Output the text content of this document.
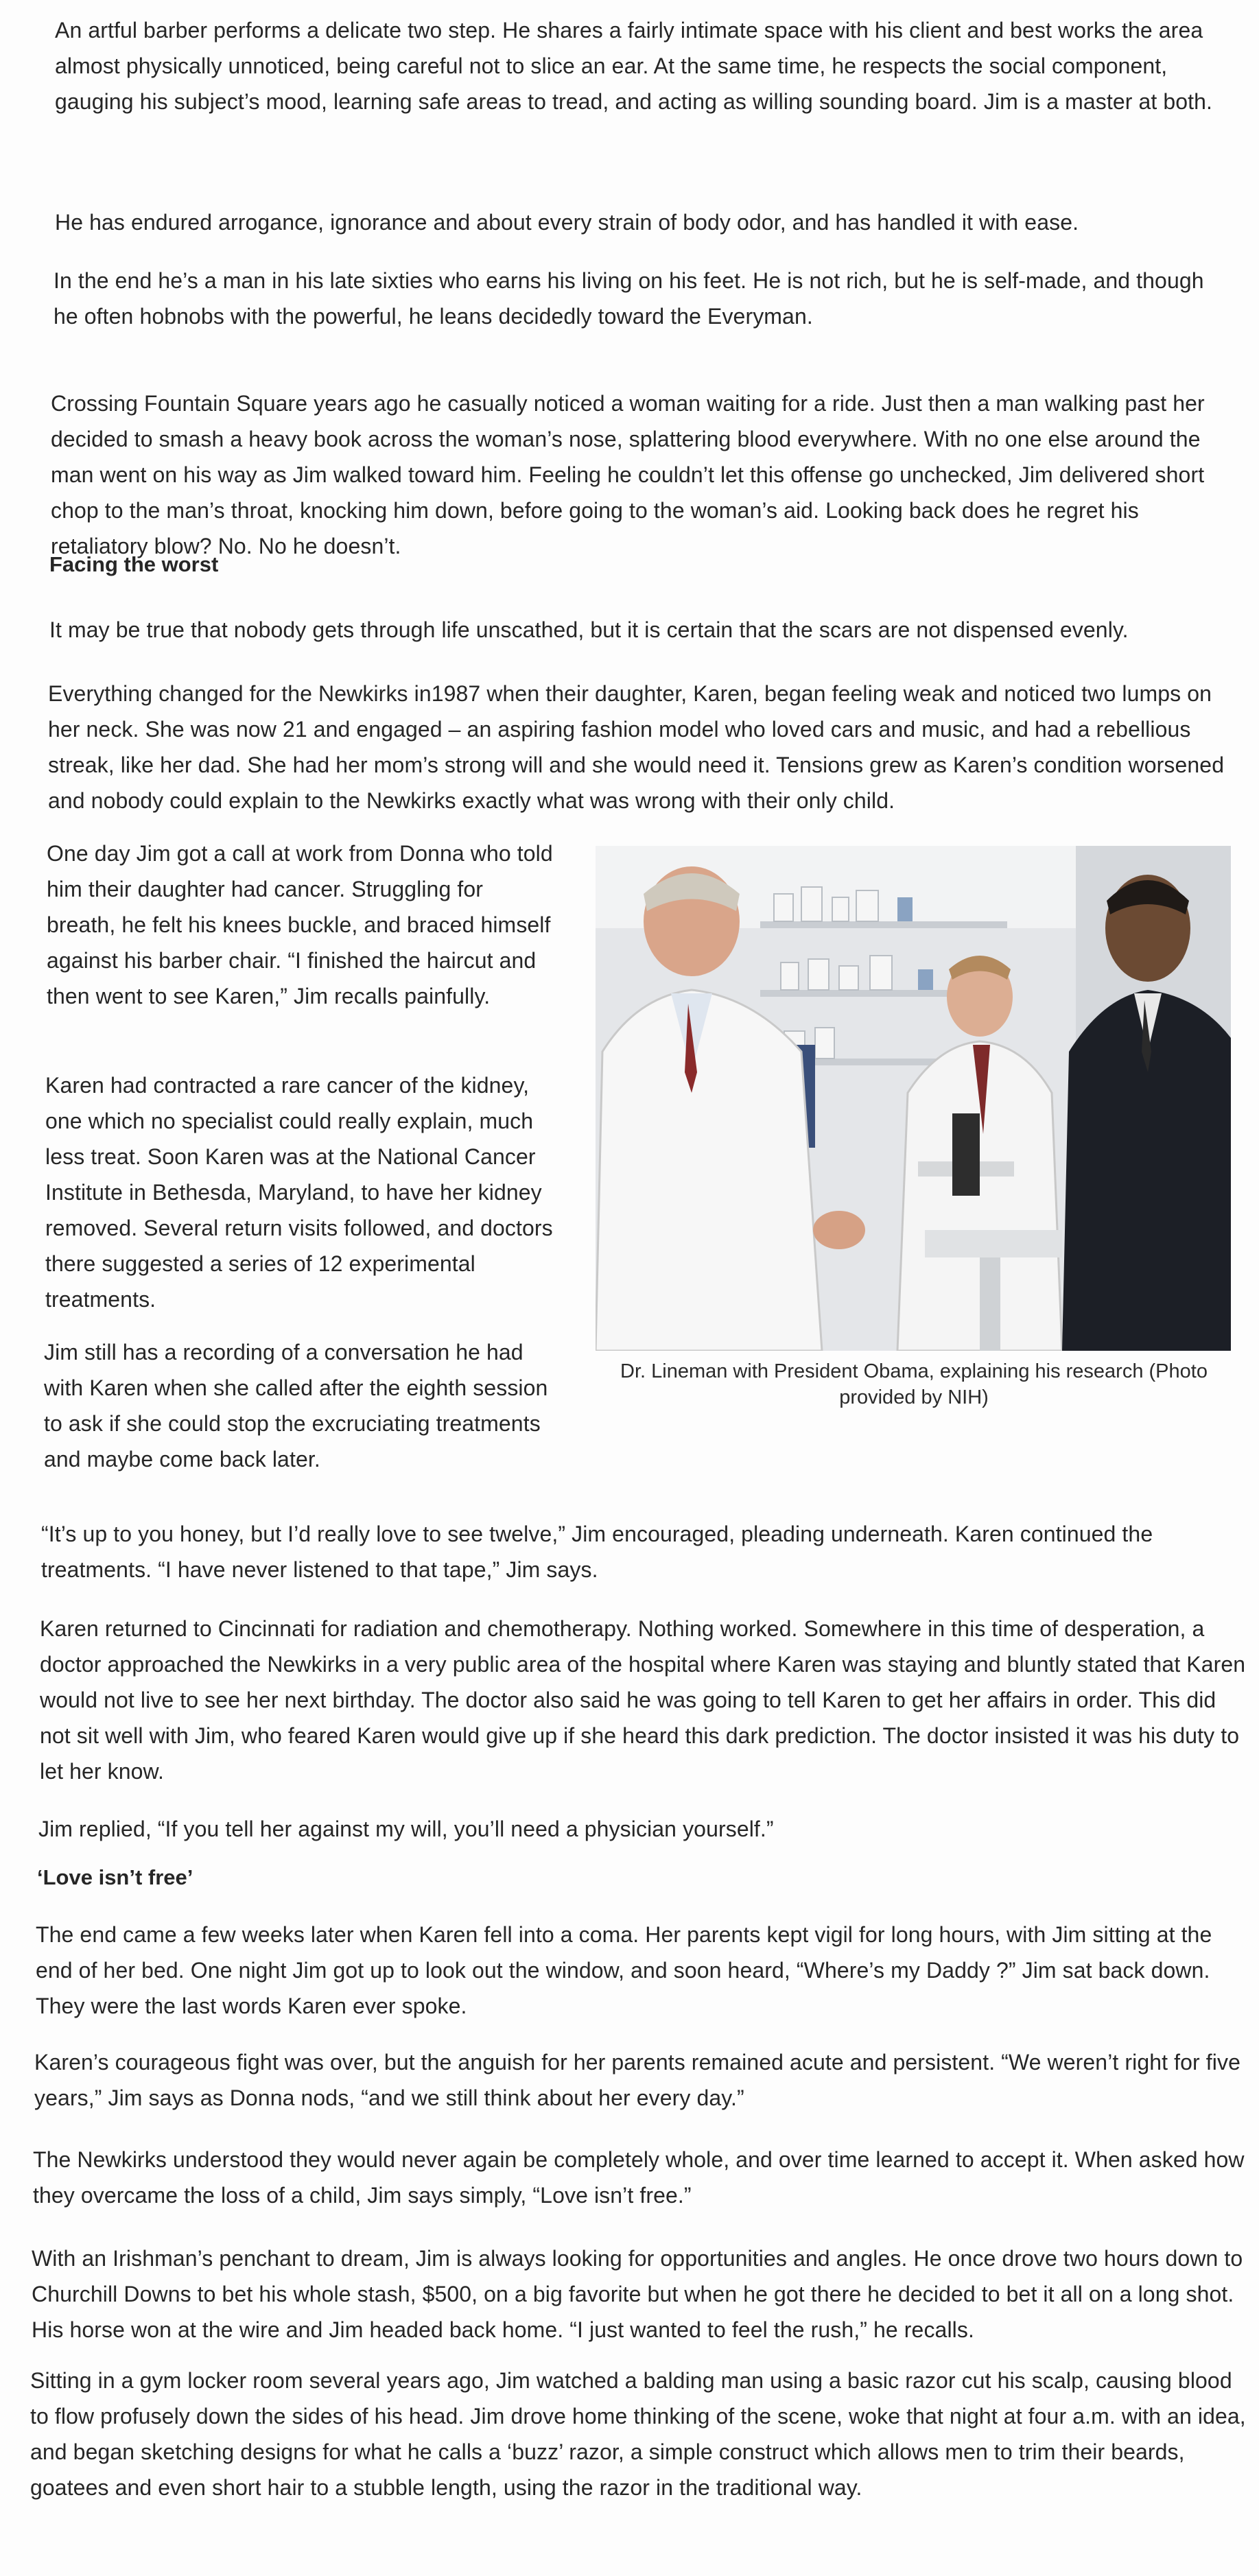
An artful barber performs a delicate two step. He shares a fairly intimate space with his client and best works the area almost physically unnoticed, being careful not to slice an ear. At the same time, he respects the social component, gauging his subject’s mood, learning safe areas to tread, and acting as willing sounding board. Jim is a master at both.

He has endured arrogance, ignorance and about every strain of body odor, and has handled it with ease.

In the end he’s a man in his late sixties who earns his living on his feet. He is not rich, but he is self-made, and though he often hobnobs with the powerful, he leans decidedly toward the Everyman.

Crossing Fountain Square years ago he casually noticed a woman waiting for a ride. Just then a man walking past her decided to smash a heavy book across the woman’s nose, splattering blood everywhere. With no one else around the man went on his way as Jim walked toward him. Feeling he couldn’t let this offense go unchecked, Jim delivered short chop to the man’s throat, knocking him down, before going to the woman’s aid. Looking back does he regret his retaliatory blow? No. No he doesn’t.

Facing the worst

It may be true that nobody gets through life unscathed, but it is certain that the scars are not dispensed evenly.

Everything changed for the Newkirks in1987 when their daughter, Karen, began feeling weak and noticed two lumps on her neck. She was now 21 and engaged – an aspiring fashion model who loved cars and music, and had a rebellious streak, like her dad. She had her mom’s strong will and she would need it. Tensions grew as Karen’s condition worsened and nobody could explain to the Newkirks exactly what was wrong with their only child.

One day Jim got a call at work from Donna who told him their daughter had cancer. Struggling for breath, he felt his knees buckle, and braced himself against his barber chair. “I finished the haircut and then went to see Karen,” Jim recalls painfully.

Karen had contracted a rare cancer of the kidney, one which no specialist could really explain, much less treat. Soon Karen was at the National Cancer Institute in Bethesda, Maryland, to have her kidney removed. Several return visits followed, and doctors there suggested a series of 12 experimental treatments.

Jim still has a recording of a conversation he had with Karen when she called after the eighth session to ask if she could stop the excruciating treatments and maybe come back later.

Dr. Lineman with President Obama, explaining his research (Photo provided by NIH)

“It’s up to you honey, but I’d really love to see twelve,” Jim encouraged, pleading underneath. Karen continued the treatments. “I have never listened to that tape,” Jim says.

Karen returned to Cincinnati for radiation and chemotherapy. Nothing worked. Somewhere in this time of desperation, a doctor approached the Newkirks in a very public area of the hospital where Karen was staying and bluntly stated that Karen would not live to see her next birthday. The doctor also said he was going to tell Karen to get her affairs in order. This did not sit well with Jim, who feared Karen would give up if she heard this dark prediction. The doctor insisted it was his duty to let her know.

Jim replied, “If you tell her against my will, you’ll need a physician yourself.”

‘Love isn’t free’

The end came a few weeks later when Karen fell into a coma. Her parents kept vigil for long hours, with Jim sitting at the end of her bed. One night Jim got up to look out the window, and soon heard, “Where’s my Daddy ?” Jim sat back down. They were the last words Karen ever spoke.

Karen’s courageous fight was over, but the anguish for her parents remained acute and persistent. “We weren’t right for five years,” Jim says as Donna nods, “and we still think about her every day.”

The Newkirks understood they would never again be completely whole, and over time learned to accept it. When asked how they overcame the loss of a child, Jim says simply, “Love isn’t free.”

With an Irishman’s penchant to dream, Jim is always looking for opportunities and angles. He once drove two hours down to Churchill Downs to bet his whole stash, $500, on a big favorite but when he got there he decided to bet it all on a long shot. His horse won at the wire and Jim headed back home. “I just wanted to feel the rush,” he recalls.

Sitting in a gym locker room several years ago, Jim watched a balding man using a basic razor cut his scalp, causing blood to flow profusely down the sides of his head. Jim drove home thinking of the scene, woke that night at four a.m. with an idea, and began sketching designs for what he calls a ‘buzz’ razor, a simple construct which allows men to trim their beards, goatees and even short hair to a stubble length, using the razor in the traditional way.
